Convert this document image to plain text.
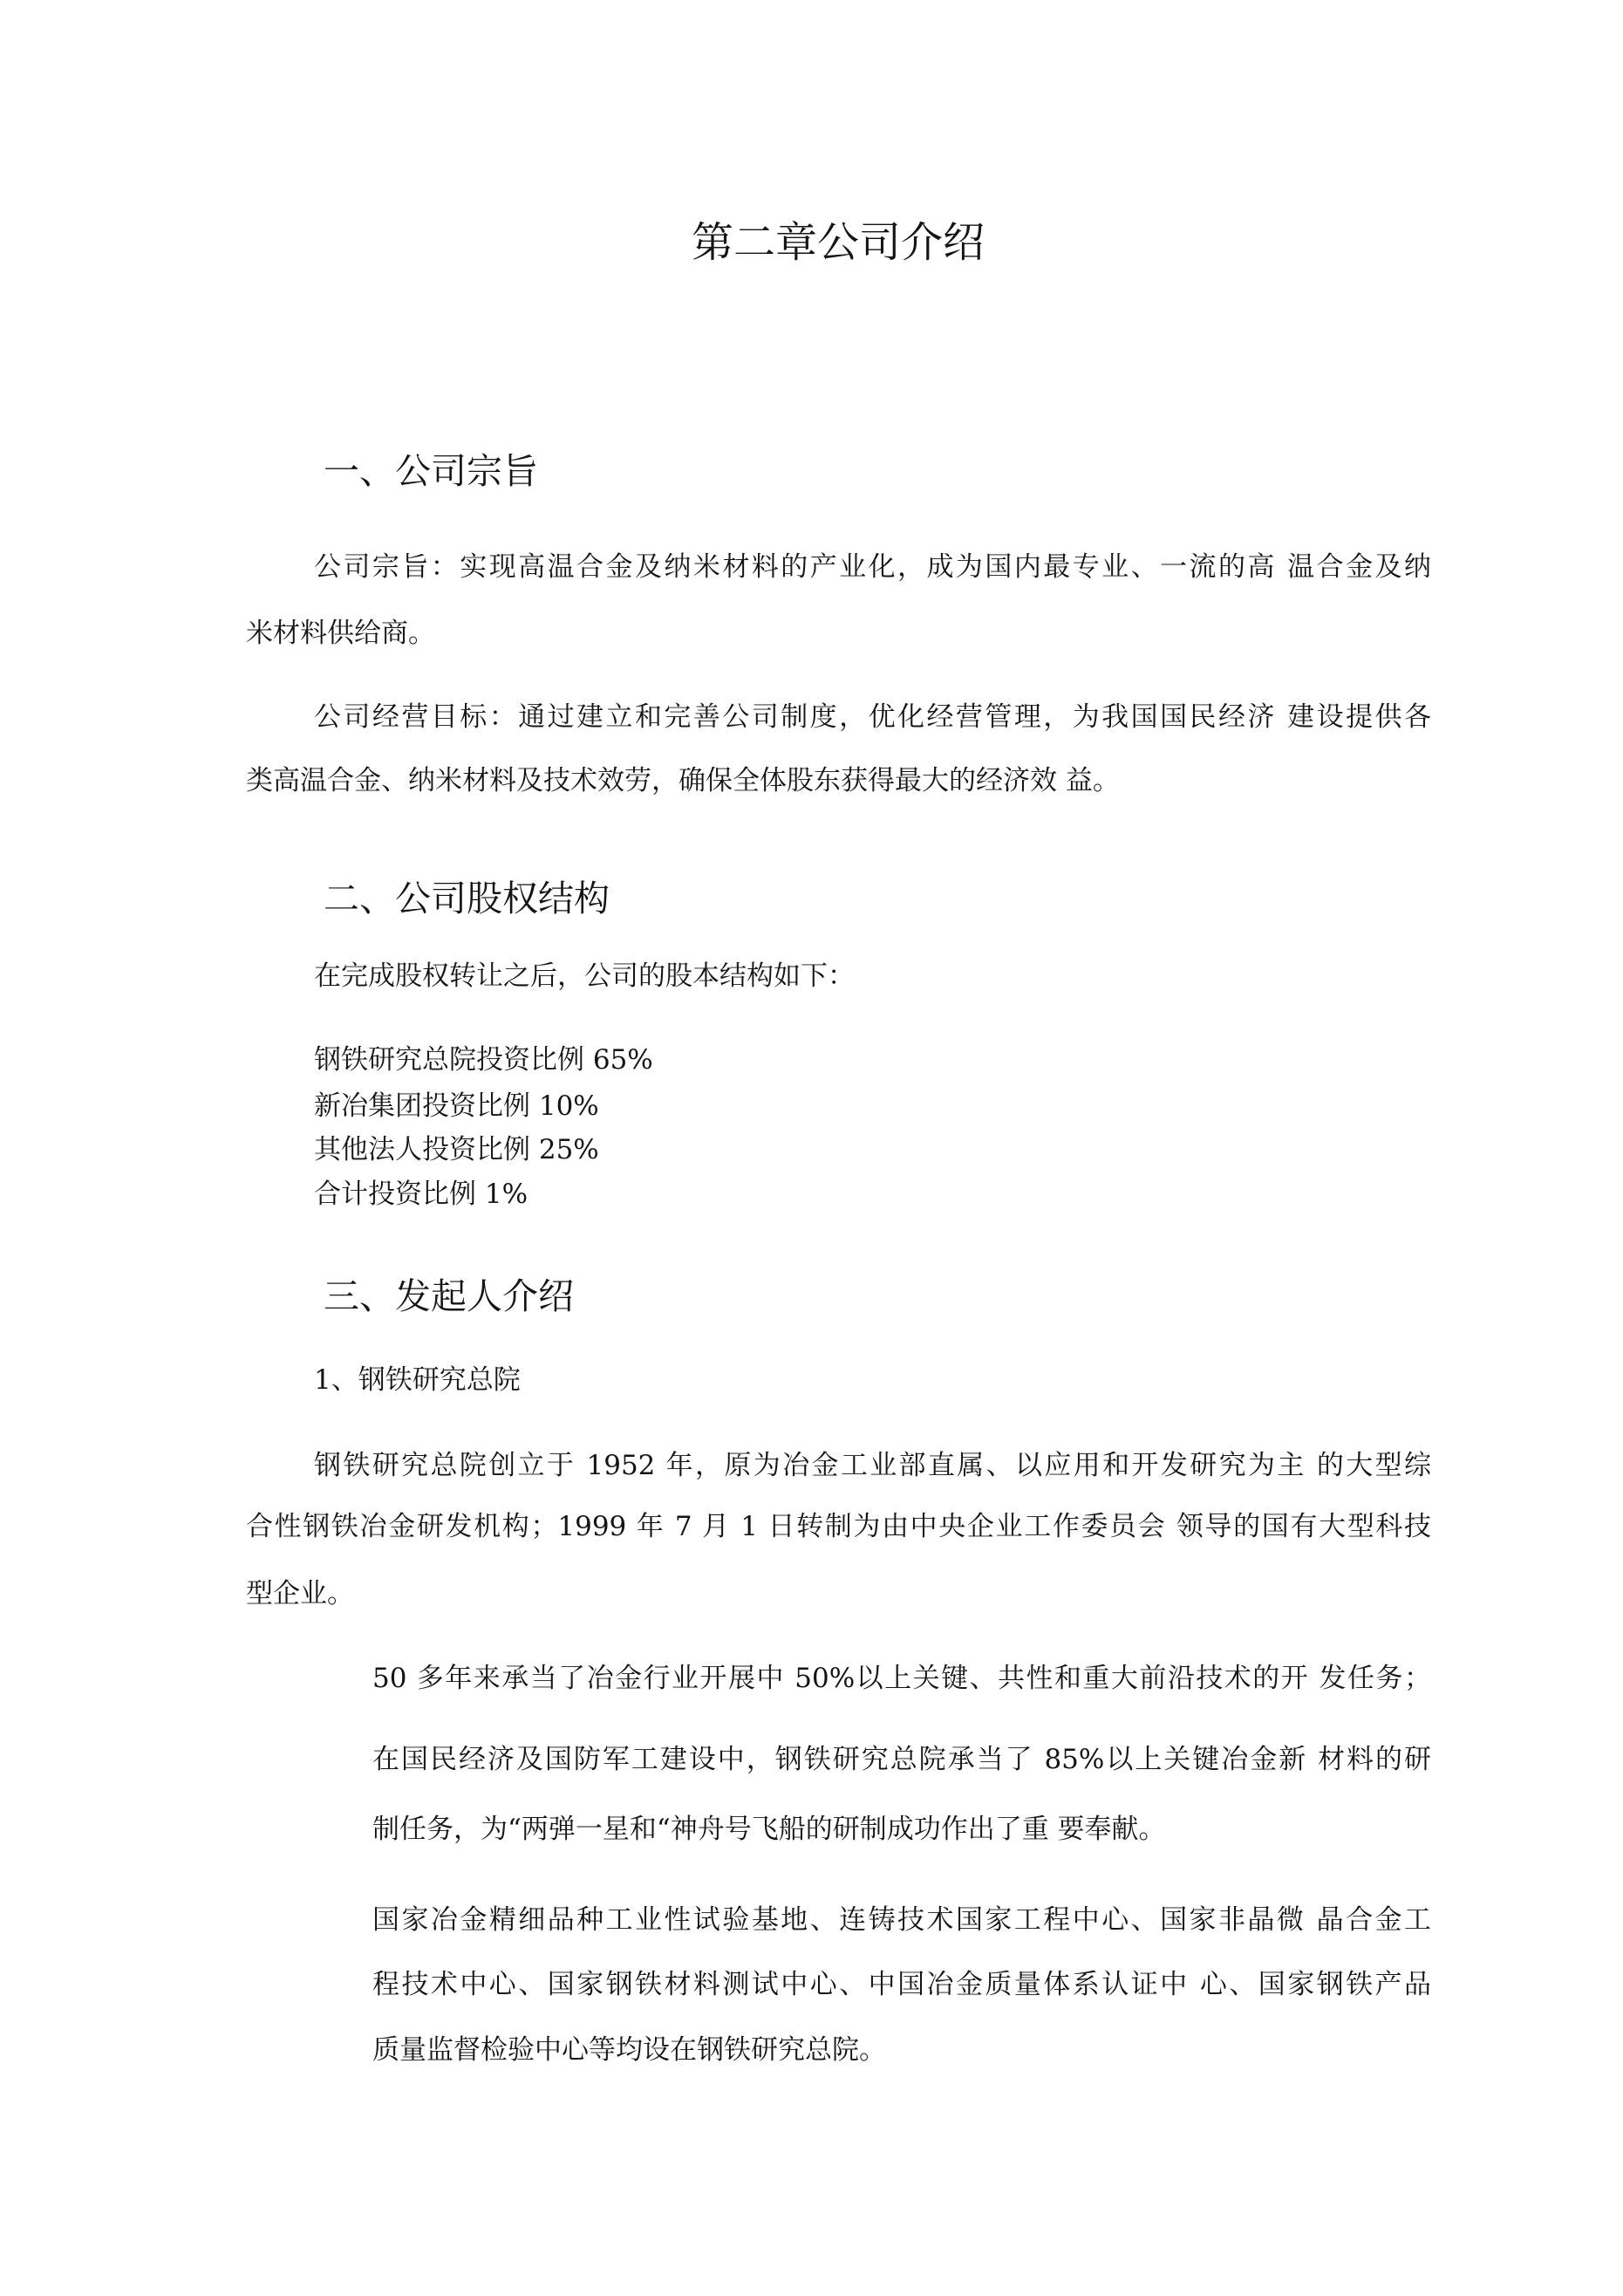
第二章公司介绍
一、公司宗旨
公司宗旨：实现高温合金及纳米材料的产业化，成为国内最专业、一流的高 温合金及纳
米材料供给商。
公司经营目标：通过建立和完善公司制度，优化经营管理，为我国国民经济 建设提供各
类高温合金、纳米材料及技术效劳，确保全体股东获得最大的经济效 益。
二、公司股权结构
在完成股权转让之后，公司的股本结构如下：
钢铁研究总院投资比例 65%
新冶集团投资比例 10%
其他法人投资比例 25%
合计投资比例 1%
三、发起人介绍
1、钢铁研究总院
钢铁研究总院创立于 1952 年，原为冶金工业部直属、以应用和开发研究为主 的大型综
合性钢铁冶金研发机构；1999 年 7 月 1 日转制为由中央企业工作委员会 领导的国有大型科技
型企业。
50 多年来承当了冶金行业开展中 50%以上关键、共性和重大前沿技术的开 发任务；
在国民经济及国防军工建设中，钢铁研究总院承当了 85%以上关键冶金新 材料的研
制任务，为“两弹一星和“神舟号飞船的研制成功作出了重 要奉献。
国家冶金精细品种工业性试验基地、连铸技术国家工程中心、国家非晶微 晶合金工
程技术中心、国家钢铁材料测试中心、中国冶金质量体系认证中 心、国家钢铁产品
质量监督检验中心等均设在钢铁研究总院。
